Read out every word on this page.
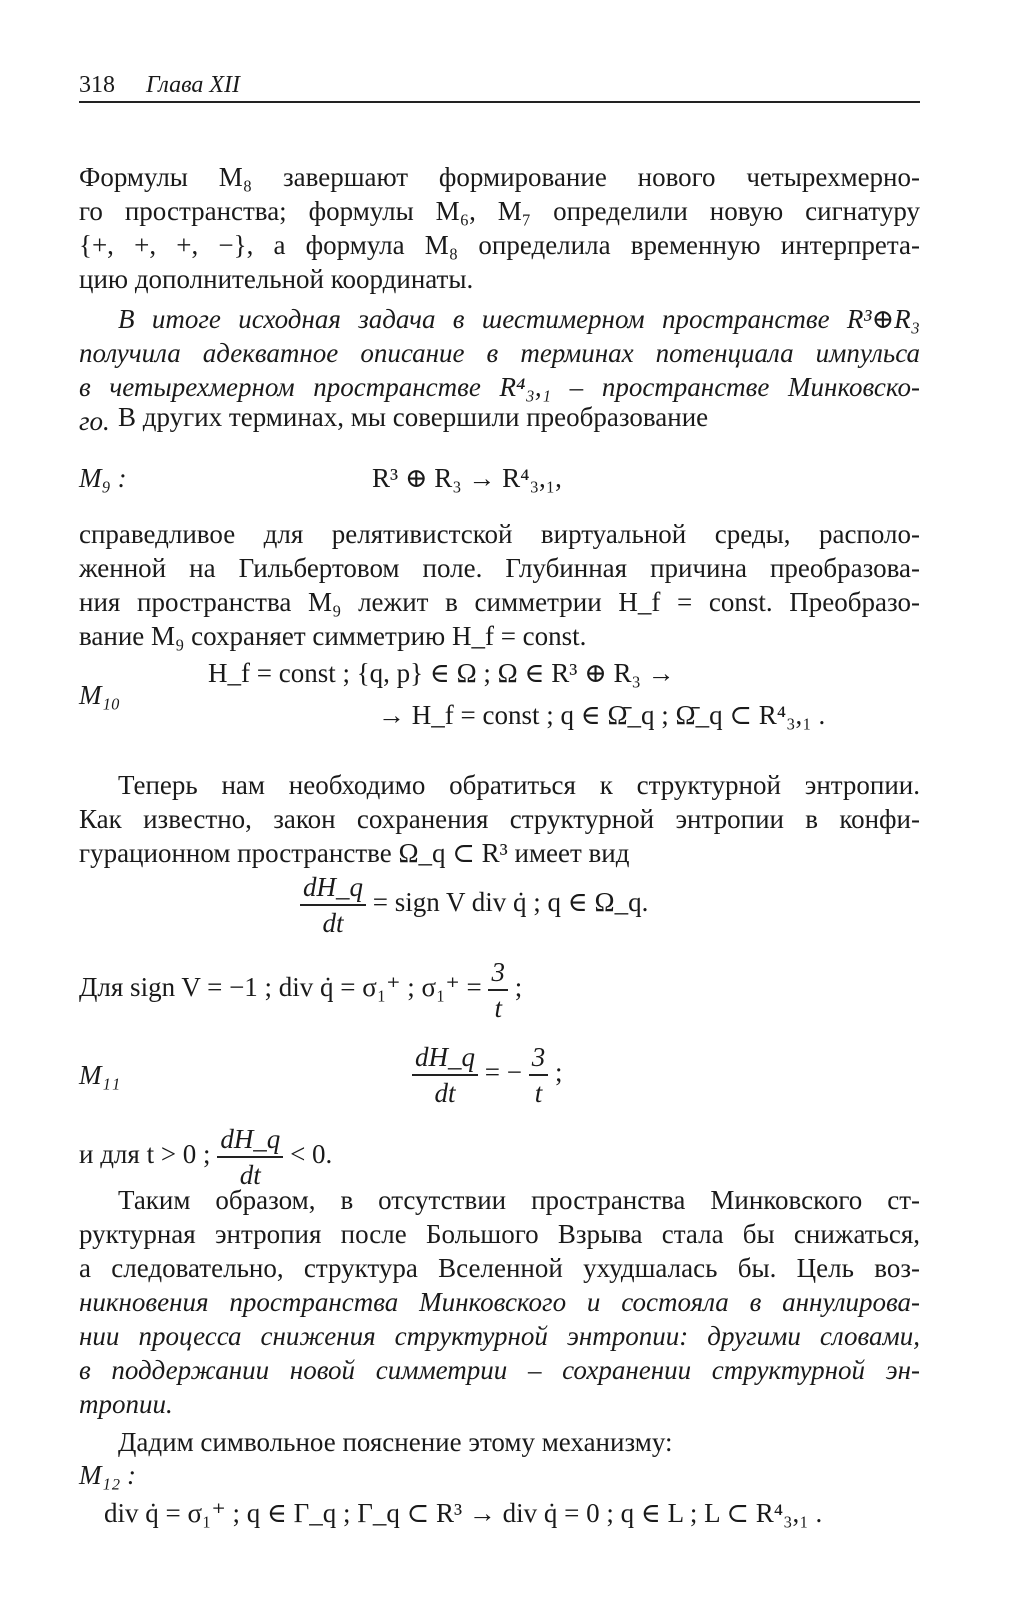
318 Глава XII
Формулы M₈ завершают формирование нового четырехмерно-
го пространства; формулы M₆, M₇ определили новую сигнатуру
{+, +, +, −}, а формула M₈ определила временную интерпрета-
цию дополнительной координаты.
В итоге исходная задача в шестимерном пространстве R³⊕R₃
получила адекватное описание в терминах потенциала импульса
в четырехмерном пространстве R⁴₃,₁ – пространстве Минковско-
го. В других терминах, мы совершили преобразование
M₉ :	R³ ⊕ R₃ → R⁴₃,₁,
справедливое для релятивистской виртуальной среды, располо-
женной на Гильбертовом поле. Глубинная причина преобразова-
ния пространства M₉ лежит в симметрии H_f = const. Преобразо-
вание M₉ сохраняет симметрию H_f = const.
M₁₀
H_f = const ; {q, p} ∈ Ω ; Ω ∈ R³ ⊕ R₃ →
→ H_f = const ; q ∈ Ω̄_q ; Ω̄_q ⊂ R⁴₃,₁ .
Теперь нам необходимо обратиться к структурной энтропии.
Как известно, закон сохранения структурной энтропии в конфи-
гурационном пространстве Ω_q ⊂ R³ имеет вид
$\frac{dH\_q}{dt}$ = sign V div q̇ ; q ∈ Ω_q.
Для sign V = −1 ; div q̇ = σ₁⁺ ; $\sigma_1^+ = \frac{3}{t}$ ;
M₁₁	$\frac{dH\_q}{dt}$ = − $\frac{3}{t}$ ;
и для t > 0 ; $\frac{dH\_q}{dt} < 0$.
Таким образом, в отсутствии пространства Минковского ст-
руктурная энтропия после Большого Взрыва стала бы снижаться,
а следовательно, структура Вселенной ухудшалась бы. Цель воз-
никновения пространства Минковского и состояла в аннулирова-
нии процесса снижения структурной энтропии: другими словами,
в поддержании новой симметрии – сохранении структурной эн-
тропии.
Дадим символьное пояснение этому механизму:
M₁₂ :
div q̇ = σ₁⁺ ; q ∈ Γ_q ; Γ_q ⊂ R³ → div q̇ = 0 ; q ∈ L ; L ⊂ R⁴₃,₁ .
